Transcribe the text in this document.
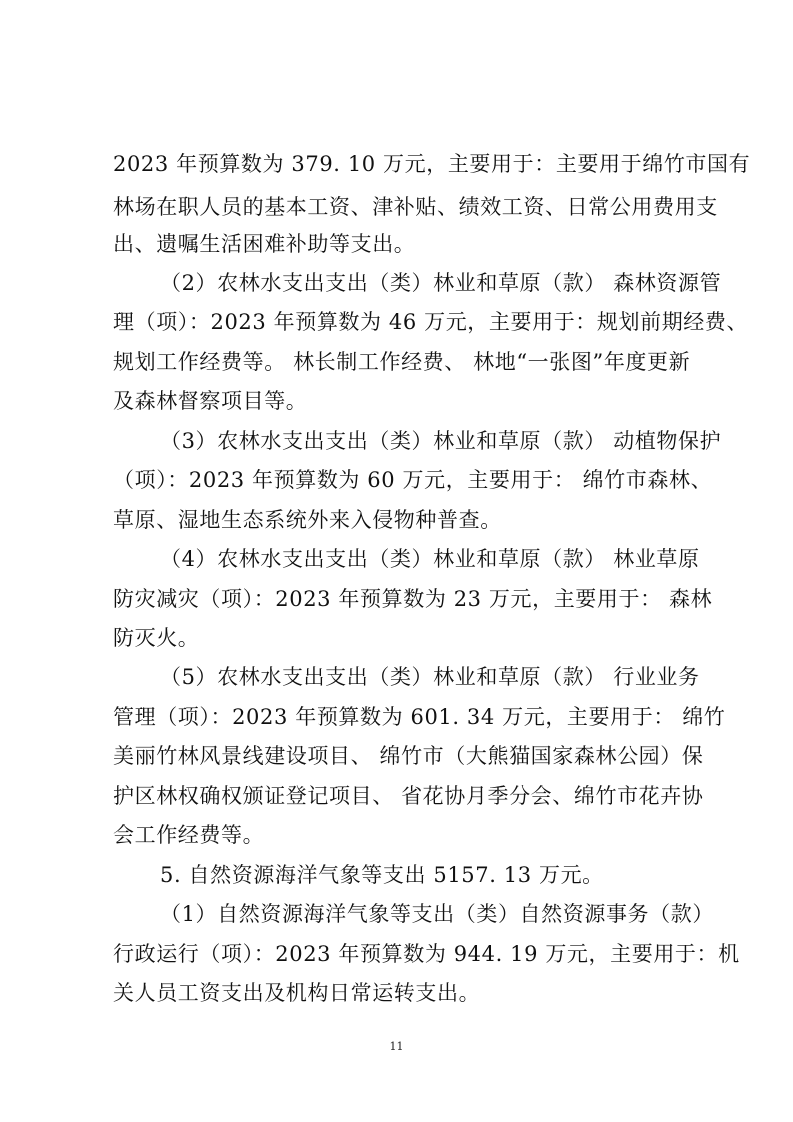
2023 年预算数为 379. 10 万元，主要用于：主要用于绵竹市国有
林场在职人员的基本工资、津补贴、绩效工资、日常公用费用支
出、遗嘱生活困难补助等支出。
（2）农林水支出支出（类）林业和草原（款） 森林资源管
理（项）：2023 年预算数为 46 万元，主要用于：规划前期经费、
规划工作经费等。 林长制工作经费、 林地“一张图”年度更新
及森林督察项目等。
（3）农林水支出支出（类）林业和草原（款） 动植物保护
（项）：2023 年预算数为 60 万元，主要用于： 绵竹市森林、
草原、湿地生态系统外来入侵物种普查。
（4）农林水支出支出（类）林业和草原（款） 林业草原
防灾减灾（项）：2023 年预算数为 23 万元，主要用于： 森林
防灭火。
（5）农林水支出支出（类）林业和草原（款） 行业业务
管理（项）：2023 年预算数为 601. 34 万元，主要用于： 绵竹
美丽竹林风景线建设项目、 绵竹市（大熊猫国家森林公园）保
护区林权确权颁证登记项目、 省花协月季分会、绵竹市花卉协
会工作经费等。
5. 自然资源海洋气象等支出 5157. 13 万元。
（1）自然资源海洋气象等支出（类）自然资源事务（款）
行政运行（项）：2023 年预算数为 944. 19 万元，主要用于：机
关人员工资支出及机构日常运转支出。
11
